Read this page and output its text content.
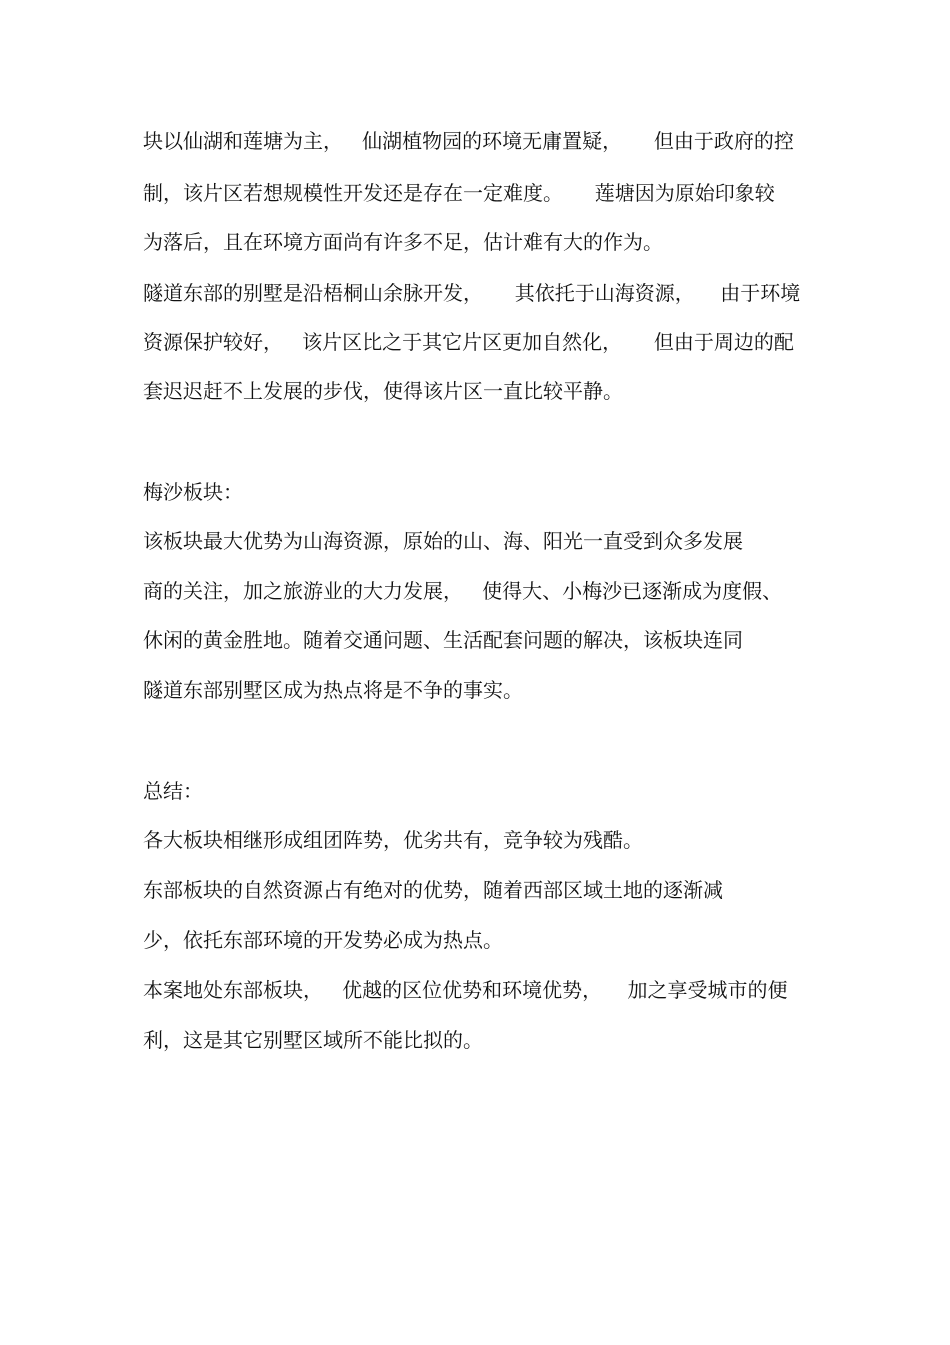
块以仙湖和莲塘为主，   仙湖植物园的环境无庸置疑，     但由于政府的控

制，该片区若想规模性开发还是存在一定难度。     莲塘因为原始印象较

为落后，且在环境方面尚有许多不足，估计难有大的作为。

隧道东部的别墅是沿梧桐山余脉开发，     其依托于山海资源，    由于环境

资源保护较好，   该片区比之于其它片区更加自然化，     但由于周边的配

套迟迟赶不上发展的步伐，使得该片区一直比较平静。

梅沙板块：

该板块最大优势为山海资源，原始的山、海、阳光一直受到众多发展

商的关注，加之旅游业的大力发展，   使得大、小梅沙已逐渐成为度假、

休闲的黄金胜地。随着交通问题、生活配套问题的解决，该板块连同

隧道东部别墅区成为热点将是不争的事实。

总结：

各大板块相继形成组团阵势，优劣共有，竞争较为残酷。

东部板块的自然资源占有绝对的优势，随着西部区域土地的逐渐减

少，依托东部环境的开发势必成为热点。

本案地处东部板块，   优越的区位优势和环境优势，    加之享受城市的便

利，这是其它别墅区域所不能比拟的。
